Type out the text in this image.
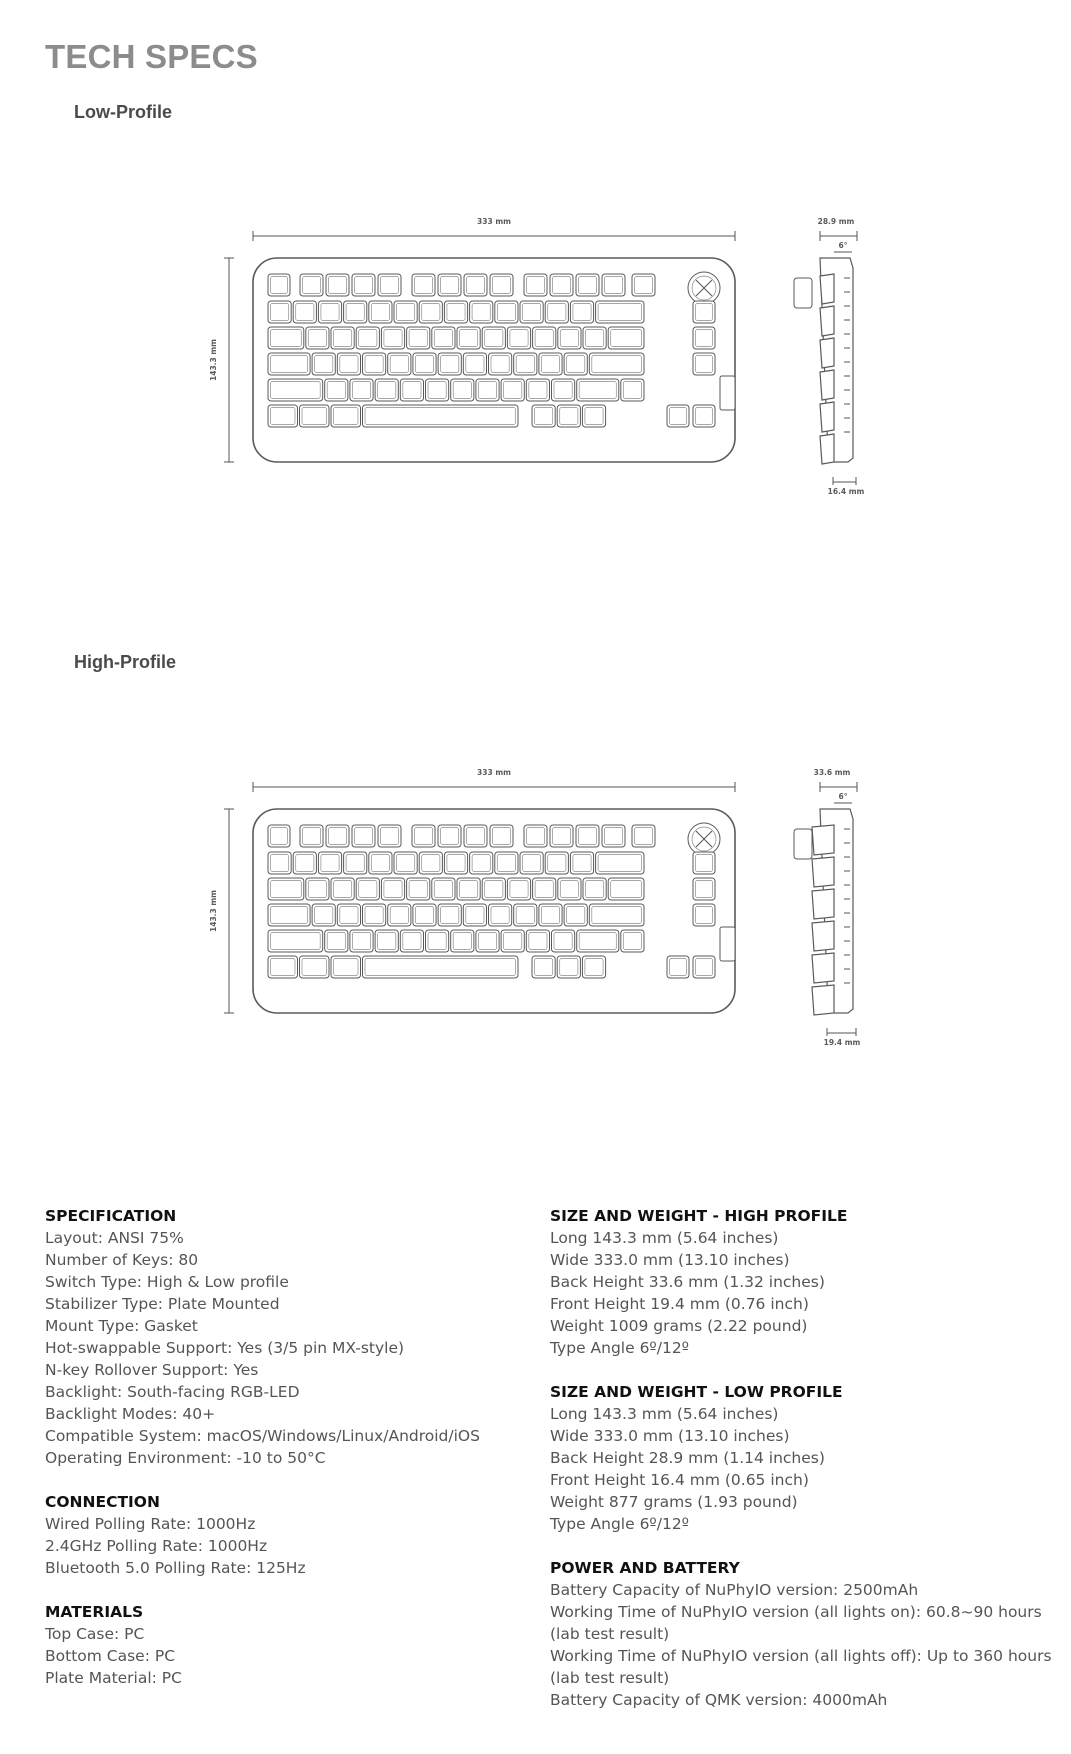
TECH SPECS
Low-Profile
333 mm
143.3 mm
28.9 mm
6°
16.4 mm
High-Profile
333 mm
143.3 mm
33.6 mm
6°
19.4 mm
SPECIFICATION
Layout: ANSI 75%
Number of Keys: 80
Switch Type: High & Low profile
Stabilizer Type: Plate Mounted
Mount Type: Gasket
Hot-swappable Support: Yes (3/5 pin MX-style)
N-key Rollover Support: Yes
Backlight: South-facing RGB-LED
Backlight Modes: 40+
Compatible System: macOS/Windows/Linux/Android/iOS
Operating Environment: -10 to 50°C
CONNECTION
Wired Polling Rate: 1000Hz
2.4GHz Polling Rate: 1000Hz
Bluetooth 5.0 Polling Rate: 125Hz
MATERIALS
Top Case: PC
Bottom Case: PC
Plate Material: PC
SIZE AND WEIGHT - HIGH PROFILE
Long 143.3 mm (5.64 inches)
Wide 333.0 mm (13.10 inches)
Back Height 33.6 mm (1.32 inches)
Front Height 19.4 mm (0.76 inch)
Weight 1009 grams (2.22 pound)
Type Angle 6º/12º
SIZE AND WEIGHT - LOW PROFILE
Long 143.3 mm (5.64 inches)
Wide 333.0 mm (13.10 inches)
Back Height 28.9 mm (1.14 inches)
Front Height 16.4 mm (0.65 inch)
Weight 877 grams (1.93 pound)
Type Angle 6º/12º
POWER AND BATTERY
Battery Capacity of NuPhyIO version: 2500mAh
Working Time of NuPhyIO version (all lights on): 60.8~90 hours (lab test result)
Working Time of NuPhyIO version (all lights off): Up to 360 hours (lab test result)
Battery Capacity of QMK version: 4000mAh
